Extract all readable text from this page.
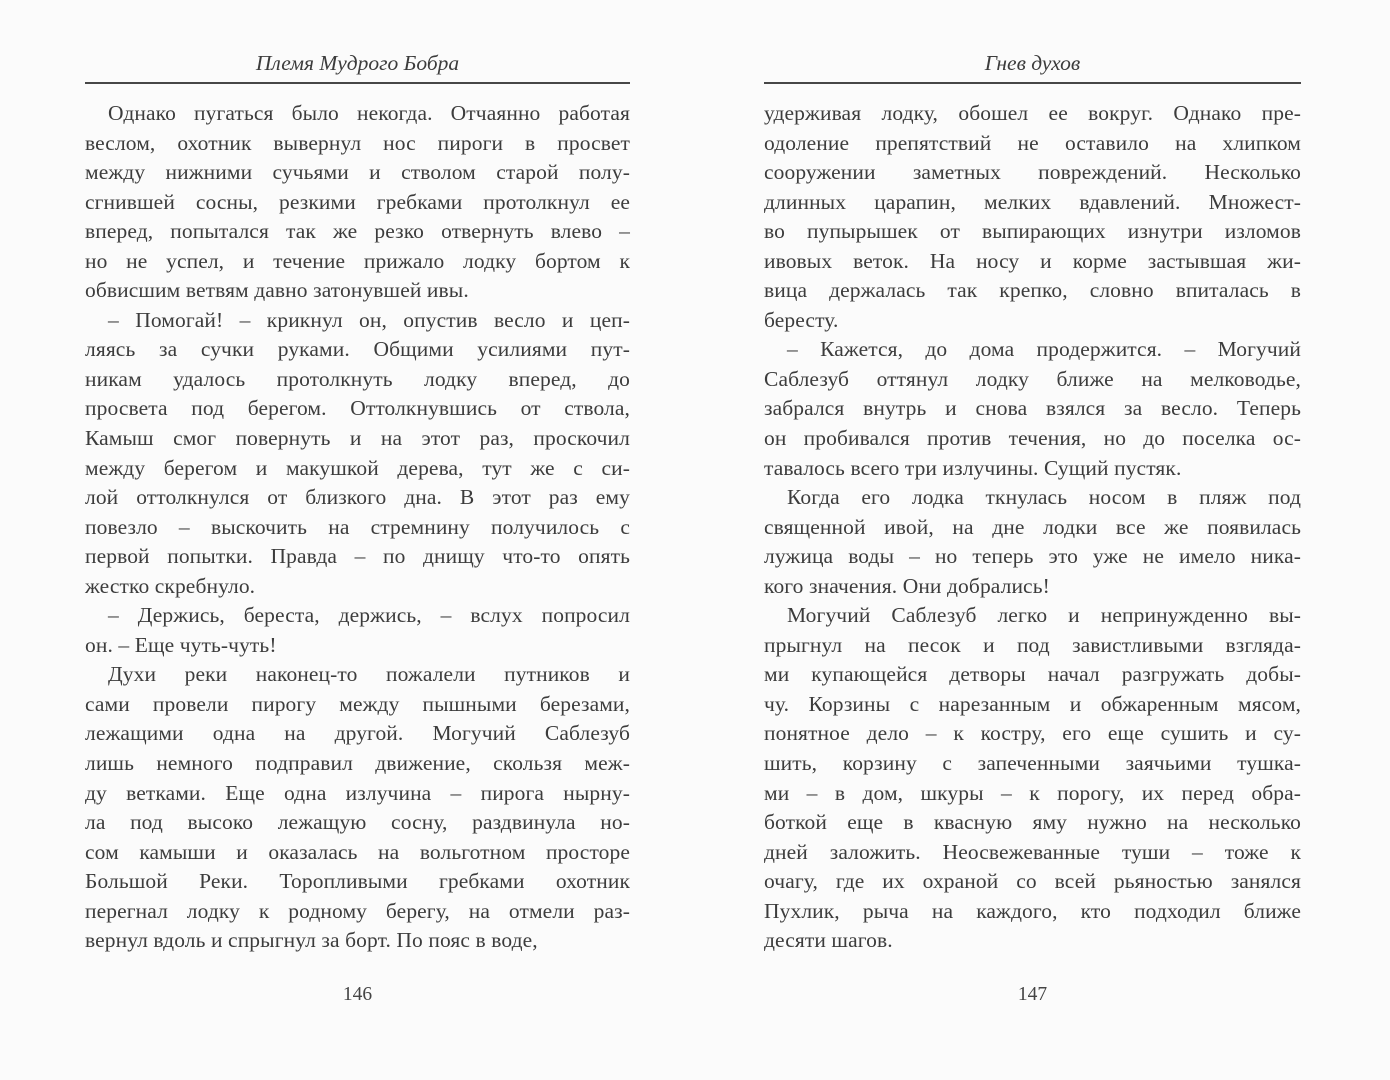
Племя Мудрого Бобра
Однако пугаться было некогда. Отчаянно работая
веслом, охотник вывернул нос пироги в просвет
между нижними сучьями и стволом старой полу-
сгнившей сосны, резкими гребками протолкнул ее
вперед, попытался так же резко отвернуть влево –
но не успел, и течение прижало лодку бортом к
обвисшим ветвям давно затонувшей ивы.
– Помогай! – крикнул он, опустив весло и цеп-
ляясь за сучки руками. Общими усилиями пут-
никам удалось протолкнуть лодку вперед, до
просвета под берегом. Оттолкнувшись от ствола,
Камыш смог повернуть и на этот раз, проскочил
между берегом и макушкой дерева, тут же с си-
лой оттолкнулся от близкого дна. В этот раз ему
повезло – выскочить на стремнину получилось с
первой попытки. Правда – по днищу что-то опять
жестко скребнуло.
– Держись, береста, держись, – вслух попросил
он. – Еще чуть-чуть!
Духи реки наконец-то пожалели путников и
сами провели пирогу между пышными березами,
лежащими одна на другой. Могучий Саблезуб
лишь немного подправил движение, скользя меж-
ду ветками. Еще одна излучина – пирога нырну-
ла под высоко лежащую сосну, раздвинула но-
сом камыши и оказалась на вольготном просторе
Большой Реки. Торопливыми гребками охотник
перегнал лодку к родному берегу, на отмели раз-
вернул вдоль и спрыгнул за борт. По пояс в воде,
146
Гнев духов
удерживая лодку, обошел ее вокруг. Однако пре-
одоление препятствий не оставило на хлипком
сооружении заметных повреждений. Несколько
длинных царапин, мелких вдавлений. Множест-
во пупырышек от выпирающих изнутри изломов
ивовых веток. На носу и корме застывшая жи-
вица держалась так крепко, словно впиталась в
бересту.
– Кажется, до дома продержится. – Могучий
Саблезуб оттянул лодку ближе на мелководье,
забрался внутрь и снова взялся за весло. Теперь
он пробивался против течения, но до поселка ос-
тавалось всего три излучины. Сущий пустяк.
Когда его лодка ткнулась носом в пляж под
священной ивой, на дне лодки все же появилась
лужица воды – но теперь это уже не имело ника-
кого значения. Они добрались!
Могучий Саблезуб легко и непринужденно вы-
прыгнул на песок и под завистливыми взгляда-
ми купающейся детворы начал разгружать добы-
чу. Корзины с нарезанным и обжаренным мясом,
понятное дело – к костру, его еще сушить и су-
шить, корзину с запеченными заячьими тушка-
ми – в дом, шкуры – к порогу, их перед обра-
боткой еще в квасную яму нужно на несколько
дней заложить. Неосвежеванные туши – тоже к
очагу, где их охраной со всей рьяностью занялся
Пухлик, рыча на каждого, кто подходил ближе
десяти шагов.
147
